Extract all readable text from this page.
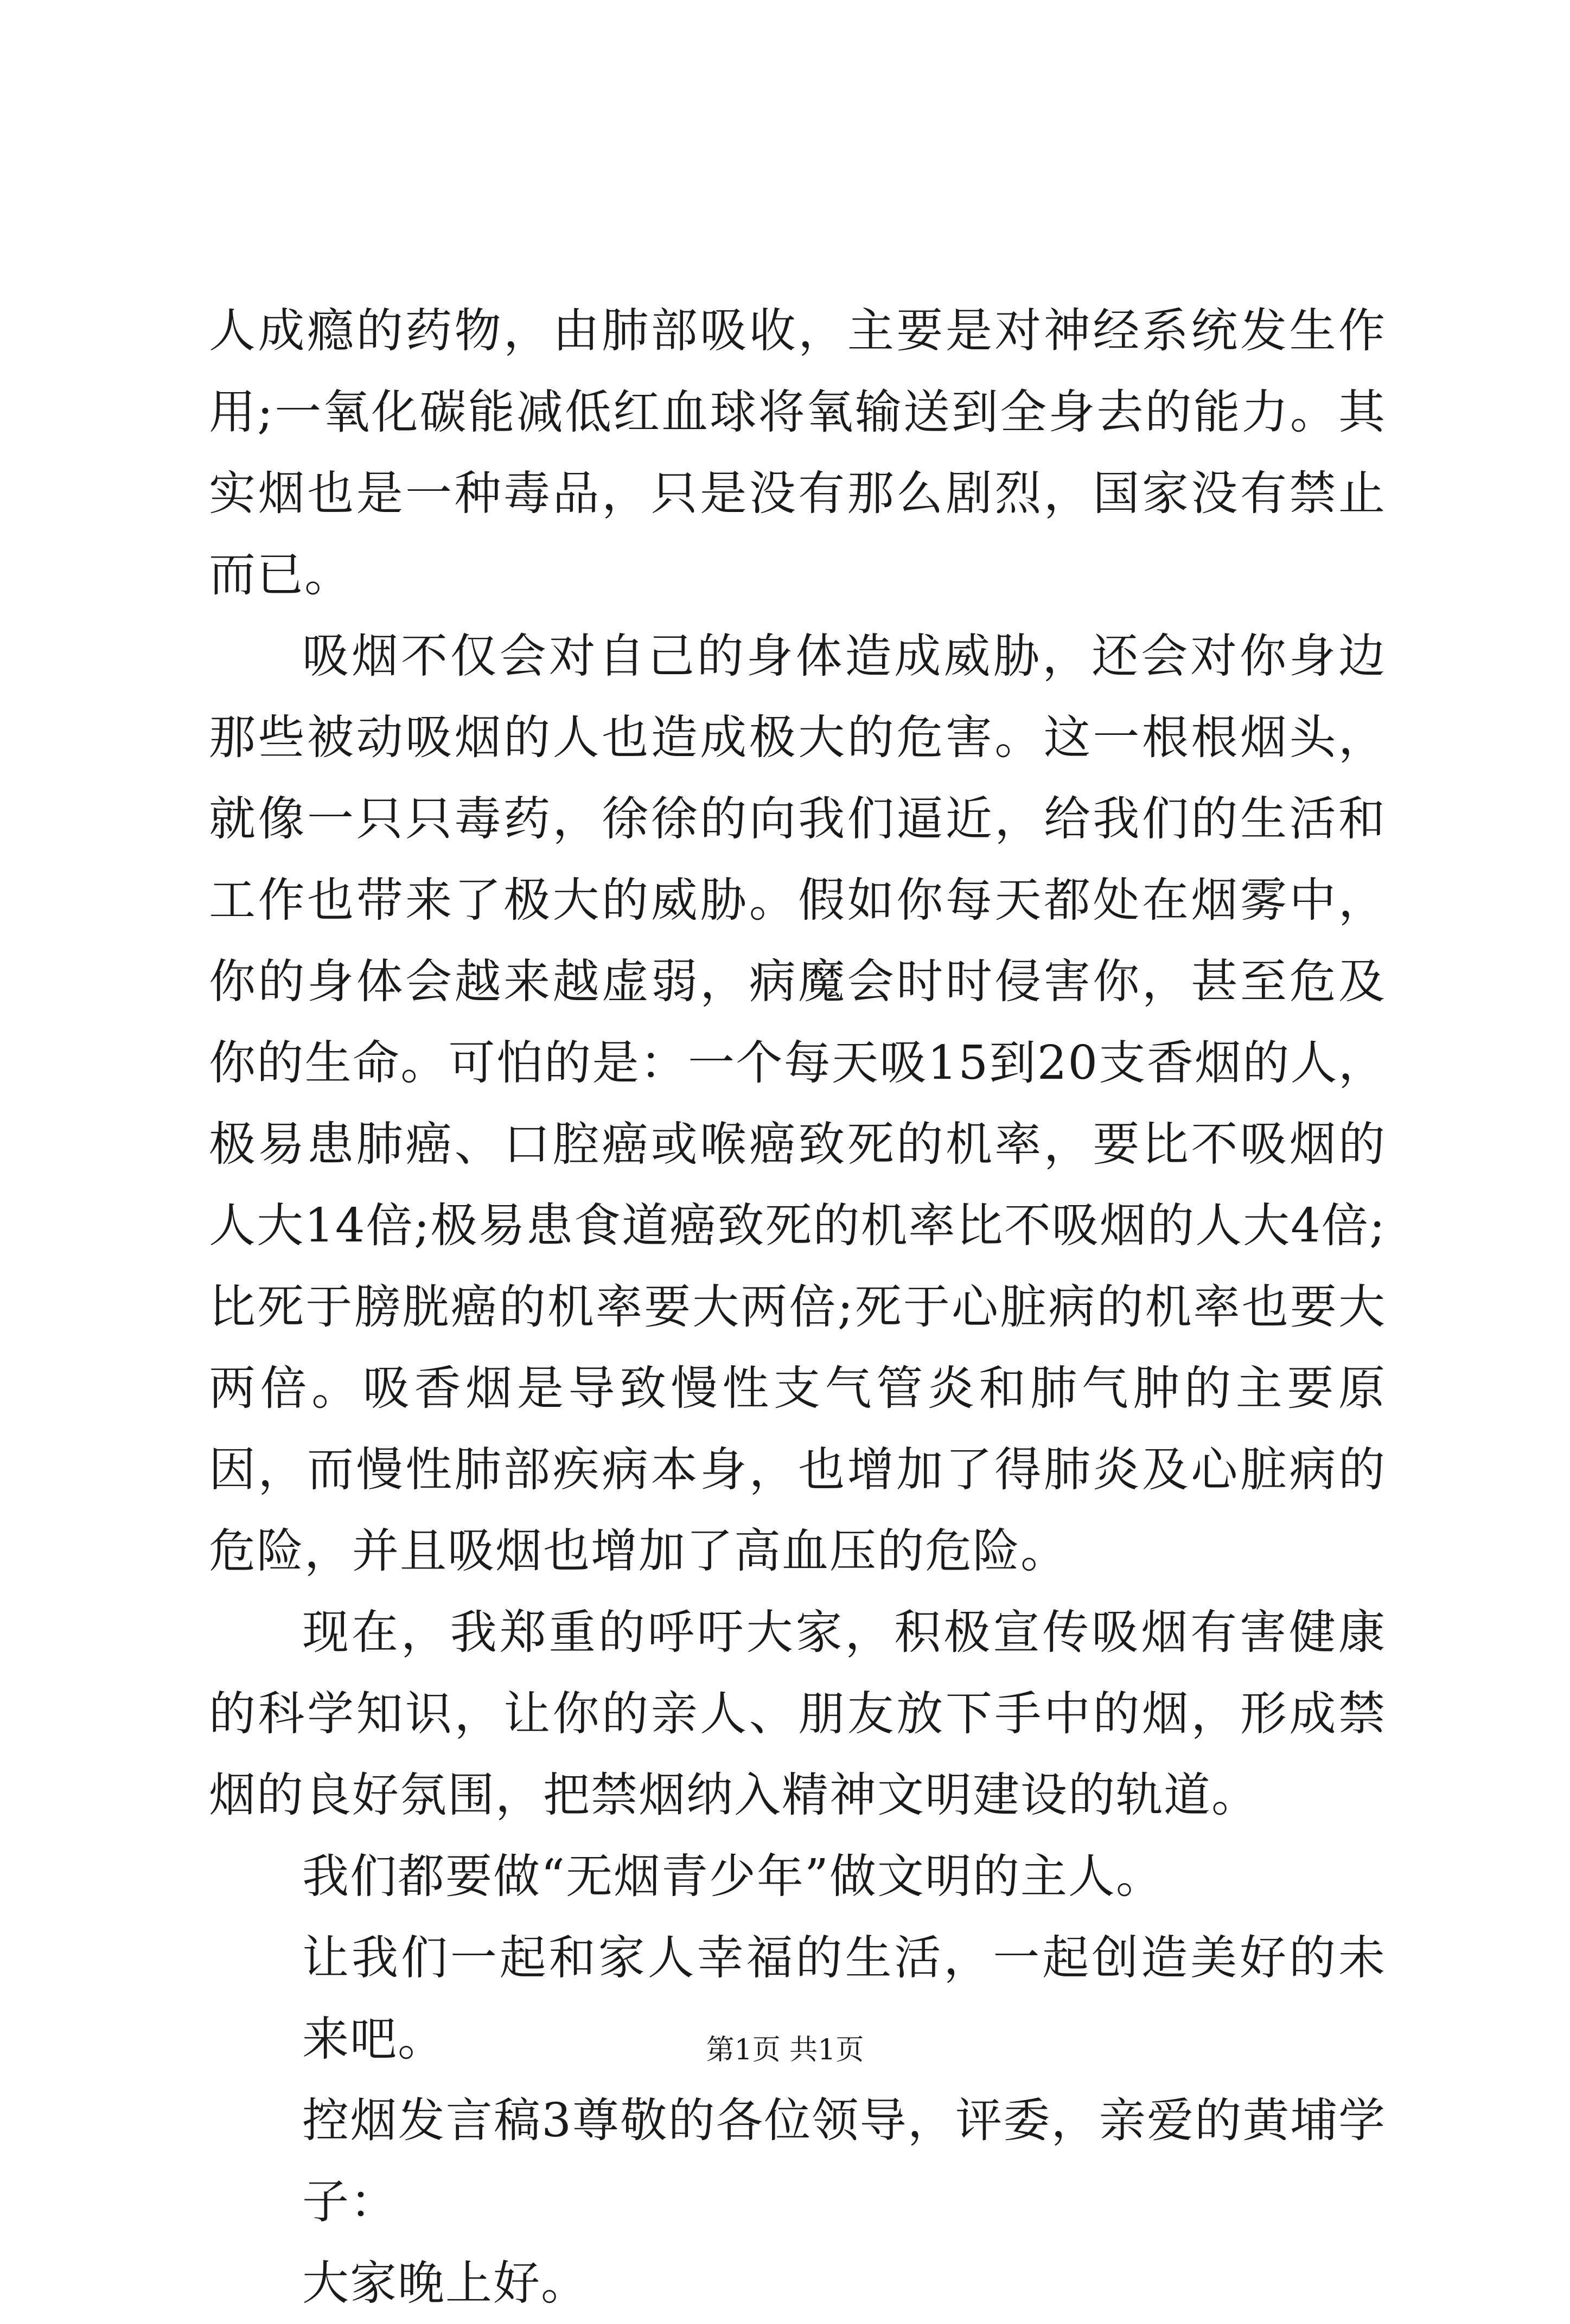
人成瘾的药物，由肺部吸收，主要是对神经系统发生作用;一氧化碳能减低红血球将氧输送到全身去的能力。其实烟也是一种毒品，只是没有那么剧烈，国家没有禁止而已。

吸烟不仅会对自己的身体造成威胁，还会对你身边那些被动吸烟的人也造成极大的危害。这一根根烟头，就像一只只毒药，徐徐的向我们逼近，给我们的生活和工作也带来了极大的威胁。假如你每天都处在烟雾中，你的身体会越来越虚弱，病魔会时时侵害你，甚至危及你的生命。可怕的是：一个每天吸15到20支香烟的人，极易患肺癌、口腔癌或喉癌致死的机率，要比不吸烟的人大14倍;极易患食道癌致死的机率比不吸烟的人大4倍;比死于膀胱癌的机率要大两倍;死于心脏病的机率也要大两倍。吸香烟是导致慢性支气管炎和肺气肿的主要原因，而慢性肺部疾病本身，也增加了得肺炎及心脏病的危险，并且吸烟也增加了高血压的危险。

现在，我郑重的呼吁大家，积极宣传吸烟有害健康的科学知识，让你的亲人、朋友放下手中的烟，形成禁烟的良好氛围，把禁烟纳入精神文明建设的轨道。

我们都要做“无烟青少年”做文明的主人。

让我们一起和家人幸福的生活，一起创造美好的未来吧。

控烟发言稿3尊敬的各位领导，评委，亲爱的黄埔学子：

大家晚上好。

第1页 共1页
